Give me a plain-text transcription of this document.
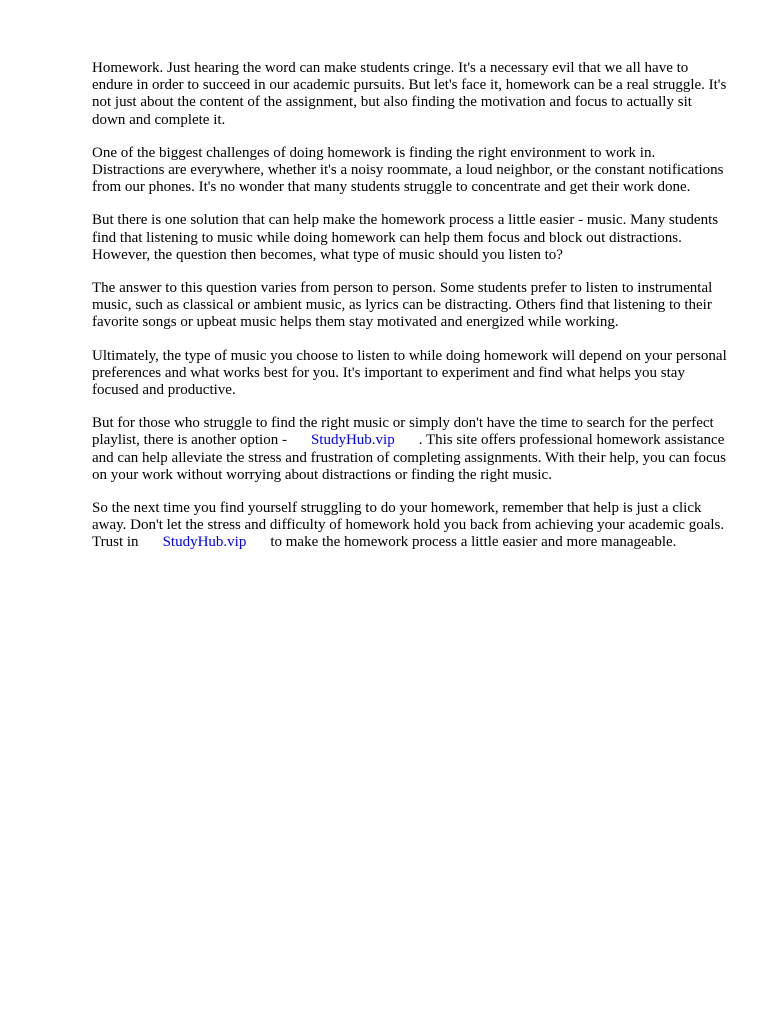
Homework. Just hearing the word can make students cringe. It's a necessary evil that we all have to endure in order to succeed in our academic pursuits. But let's face it, homework can be a real struggle. It's not just about the content of the assignment, but also finding the motivation and focus to actually sit down and complete it.

One of the biggest challenges of doing homework is finding the right environment to work in. Distractions are everywhere, whether it's a noisy roommate, a loud neighbor, or the constant notifications from our phones. It's no wonder that many students struggle to concentrate and get their work done.

But there is one solution that can help make the homework process a little easier - music. Many students find that listening to music while doing homework can help them focus and block out distractions. However, the question then becomes, what type of music should you listen to?

The answer to this question varies from person to person. Some students prefer to listen to instrumental music, such as classical or ambient music, as lyrics can be distracting. Others find that listening to their favorite songs or upbeat music helps them stay motivated and energized while working.

Ultimately, the type of music you choose to listen to while doing homework will depend on your personal preferences and what works best for you. It's important to experiment and find what helps you stay focused and productive.

But for those who struggle to find the right music or simply don't have the time to search for the perfect playlist, there is another option - StudyHub.vip . This site offers professional homework assistance and can help alleviate the stress and frustration of completing assignments. With their help, you can focus on your work without worrying about distractions or finding the right music.

So the next time you find yourself struggling to do your homework, remember that help is just a click away. Don't let the stress and difficulty of homework hold you back from achieving your academic goals. Trust in StudyHub.vip to make the homework process a little easier and more manageable.
